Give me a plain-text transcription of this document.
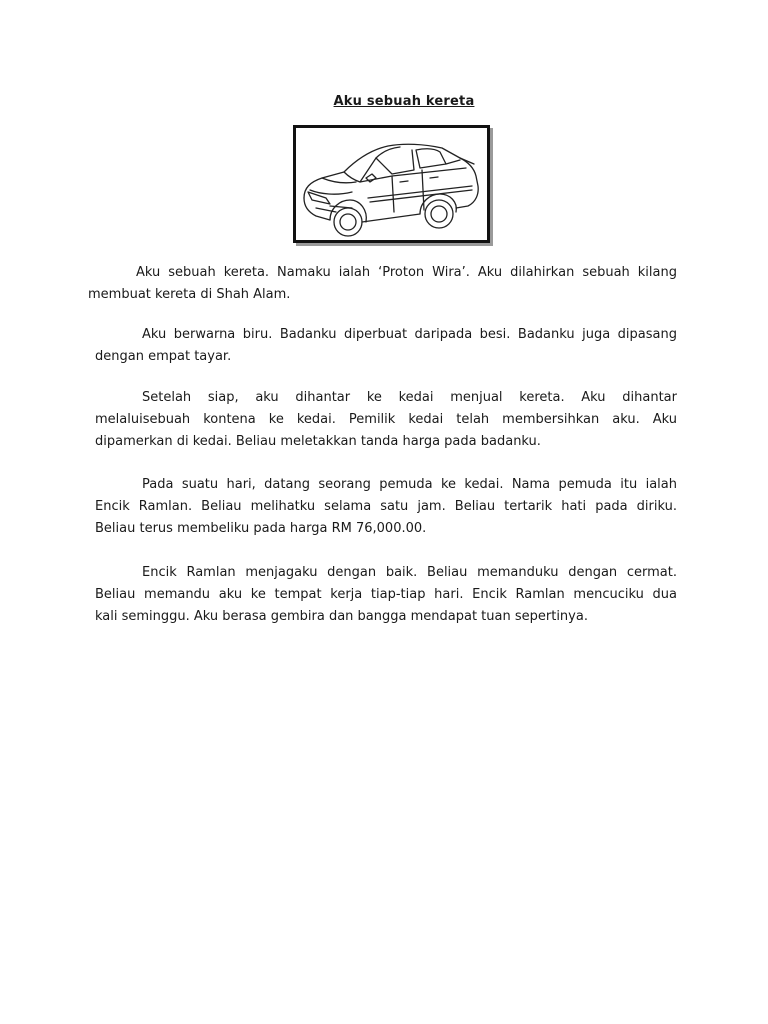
Aku sebuah kereta
Aku sebuah kereta. Namaku ialah ‘Proton Wira’. Aku dilahirkan sebuah kilang
membuat kereta di Shah Alam.
Aku berwarna biru. Badanku diperbuat daripada besi. Badanku juga dipasang
dengan empat tayar.
Setelah siap, aku dihantar ke kedai menjual kereta. Aku dihantar
melaluisebuah kontena ke kedai. Pemilik kedai telah membersihkan aku. Aku
dipamerkan di kedai. Beliau meletakkan tanda harga pada badanku.
Pada suatu hari, datang seorang pemuda ke kedai. Nama pemuda itu ialah
Encik Ramlan. Beliau melihatku selama satu jam. Beliau tertarik hati pada diriku.
Beliau terus membeliku pada harga RM 76,000.00.
Encik Ramlan menjagaku dengan baik. Beliau memanduku dengan cermat.
Beliau memandu aku ke tempat kerja tiap-tiap hari. Encik Ramlan mencuciku dua
kali seminggu. Aku berasa gembira dan bangga mendapat tuan sepertinya.
